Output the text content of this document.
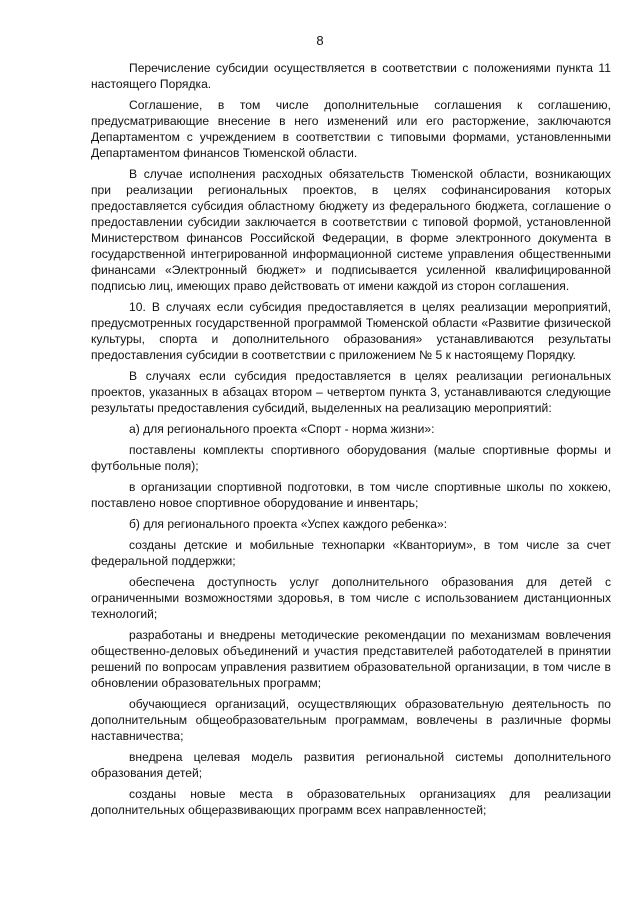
8

Перечисление субсидии осуществляется в соответствии с положениями пункта 11 настоящего Порядка.

Соглашение, в том числе дополнительные соглашения к соглашению, предусматривающие внесение в него изменений или его расторжение, заключаются Департаментом с учреждением в соответствии с типовыми формами, установленными Департаментом финансов Тюменской области.

В случае исполнения расходных обязательств Тюменской области, возникающих при реализации региональных проектов, в целях софинансирования которых предоставляется субсидия областному бюджету из федерального бюджета, соглашение о предоставлении субсидии заключается в соответствии с типовой формой, установленной Министерством финансов Российской Федерации, в форме электронного документа в государственной интегрированной информационной системе управления общественными финансами «Электронный бюджет» и подписывается усиленной квалифицированной подписью лиц, имеющих право действовать от имени каждой из сторон соглашения.

10. В случаях если субсидия предоставляется в целях реализации мероприятий, предусмотренных государственной программой Тюменской области «Развитие физической культуры, спорта и дополнительного образования» устанавливаются результаты предоставления субсидии в соответствии с приложением № 5 к настоящему Порядку.

В случаях если субсидия предоставляется в целях реализации региональных проектов, указанных в абзацах втором – четвертом пункта 3, устанавливаются следующие результаты предоставления субсидий, выделенных на реализацию мероприятий:

а) для регионального проекта «Спорт - норма жизни»:

поставлены комплекты спортивного оборудования (малые спортивные формы и футбольные поля);

в организации спортивной подготовки, в том числе спортивные школы по хоккею, поставлено новое спортивное оборудование и инвентарь;

б) для регионального проекта «Успех каждого ребенка»:

созданы детские и мобильные технопарки «Кванториум», в том числе за счет федеральной поддержки;

обеспечена доступность услуг дополнительного образования для детей с ограниченными возможностями здоровья, в том числе с использованием дистанционных технологий;

разработаны и внедрены методические рекомендации по механизмам вовлечения общественно-деловых объединений и участия представителей работодателей в принятии решений по вопросам управления развитием образовательной организации, в том числе в обновлении образовательных программ;

обучающиеся организаций, осуществляющих образовательную деятельность по дополнительным общеобразовательным программам, вовлечены в различные формы наставничества;

внедрена целевая модель развития региональной системы дополнительного образования детей;

созданы новые места в образовательных организациях для реализации дополнительных общеразвивающих программ всех направленностей;
